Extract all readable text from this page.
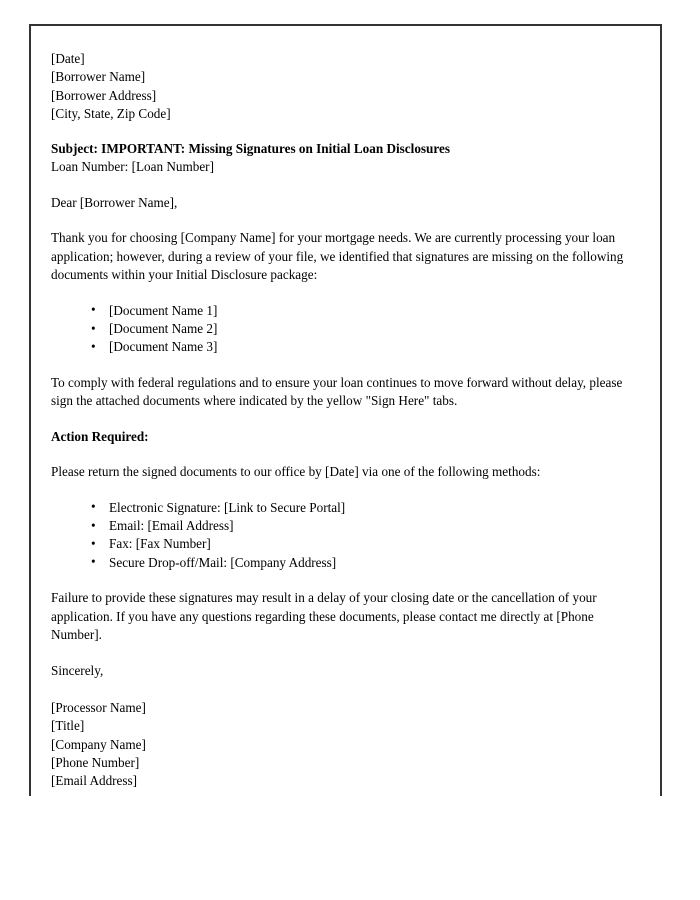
[Date]

[Borrower Name]

[Borrower Address]

[City, State, Zip Code]

Subject: IMPORTANT: Missing Signatures on Initial Loan Disclosures

Loan Number: [Loan Number]

Dear [Borrower Name],

Thank you for choosing [Company Name] for your mortgage needs. We are currently processing your loan application; however, during a review of your file, we identified that signatures are missing on the following documents within your Initial Disclosure package:

• [Document Name 1]
• [Document Name 2]
• [Document Name 3]

To comply with federal regulations and to ensure your loan continues to move forward without delay, please sign the attached documents where indicated by the yellow "Sign Here" tabs.

Action Required:

Please return the signed documents to our office by [Date] via one of the following methods:

• Electronic Signature: [Link to Secure Portal]
• Email: [Email Address]
• Fax: [Fax Number]
• Secure Drop-off/Mail: [Company Address]

Failure to provide these signatures may result in a delay of your closing date or the cancellation of your application. If you have any questions regarding these documents, please contact me directly at [Phone Number].

Sincerely,

[Processor Name]

[Title]

[Company Name]

[Phone Number]

[Email Address]
